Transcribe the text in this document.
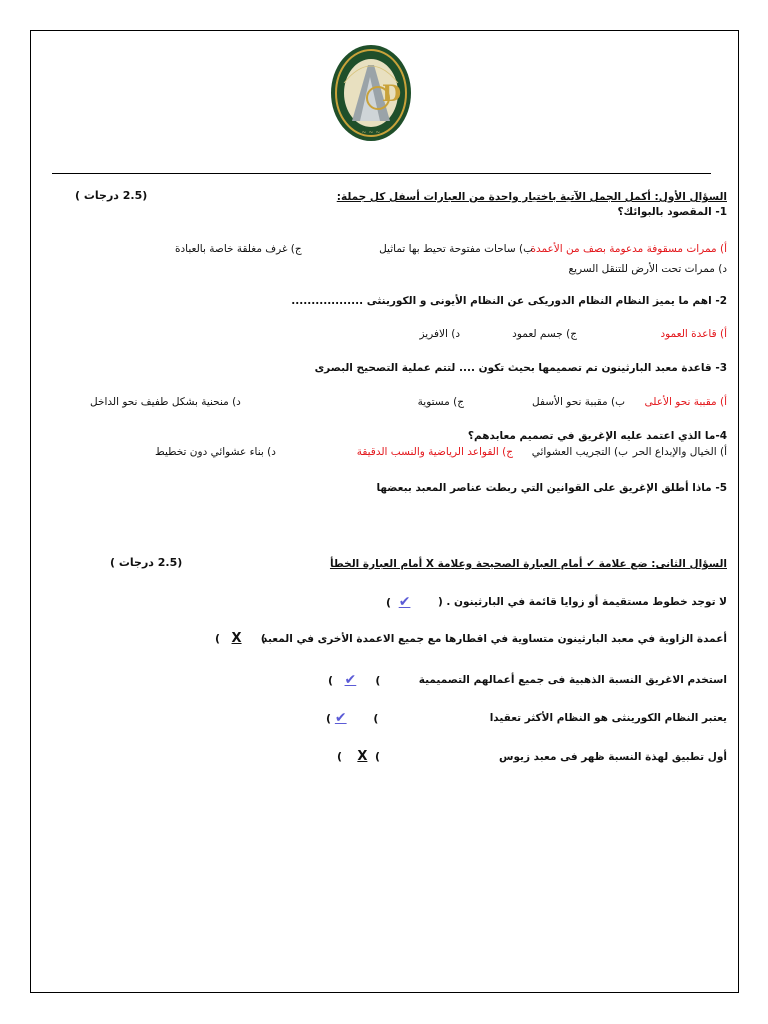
D
~ ~ ~
السؤال الأول: أكمل الجمل الآتية باختيار واحدة من العبارات أسفل كل جملة:
(2.5 درجات )
1- المقصود بالبوائك؟
أ) ممرات مسقوفة مدعومة بصف من الأعمدة
ب) ساحات مفتوحة تحيط بها تماثيل
ج) غرف مغلقة خاصة بالعبادة
د) ممرات تحت الأرض للتنقل السريع
2- اهم ما يميز النظام النظام الدوريكى عن النظام الأيونى و الكورينثى ..................
أ) قاعدة العمود
ج) جسم لعمود
د) الافريز
3- قاعدة معبد البارثينون تم تصميمها بحيث تكون .... لتتم عملية التصحيح البصرى
أ) مقببة نحو الأعلى
ب) مقببة نحو الأسفل
ج) مستوية
د) منحنية بشكل طفيف نحو الداخل
4-ما الذي اعتمد عليه الإغريق في تصميم معابدهم؟
أ) الخيال والإبداع الحر
ب) التجريب العشوائي
ج) القواعد الرياضية والنسب الدقيقة
د) بناء عشوائي دون تخطيط
5- ماذا أطلق الإغريق على القوانين التي ربطت عناصر المعبد ببعضها
السؤال الثانى: ضع علامة ✔ أمام العبارة الصحيحة وعلامة X أمام العبارة الخطأ
(2.5 درجات )
لا توجد خطوط مستقيمة أو زوايا قائمة في البارثينون . (
(  ✔
أعمدة الزاوية في معبد البارثينون متساوية في اقطارها مع جميع الاعمدة الأخرى في المعبد
(   X     (
استخدم الاغريق النسبة الذهبية فى جميع أعمالهم التصميمية
(   ✔     (
يعتبر النظام الكورينثى هو النظام الأكثر تعقيدا
( ✔       (
أول تطبيق لهذة النسبة ظهر فى معبد زيوس
(    X  (
